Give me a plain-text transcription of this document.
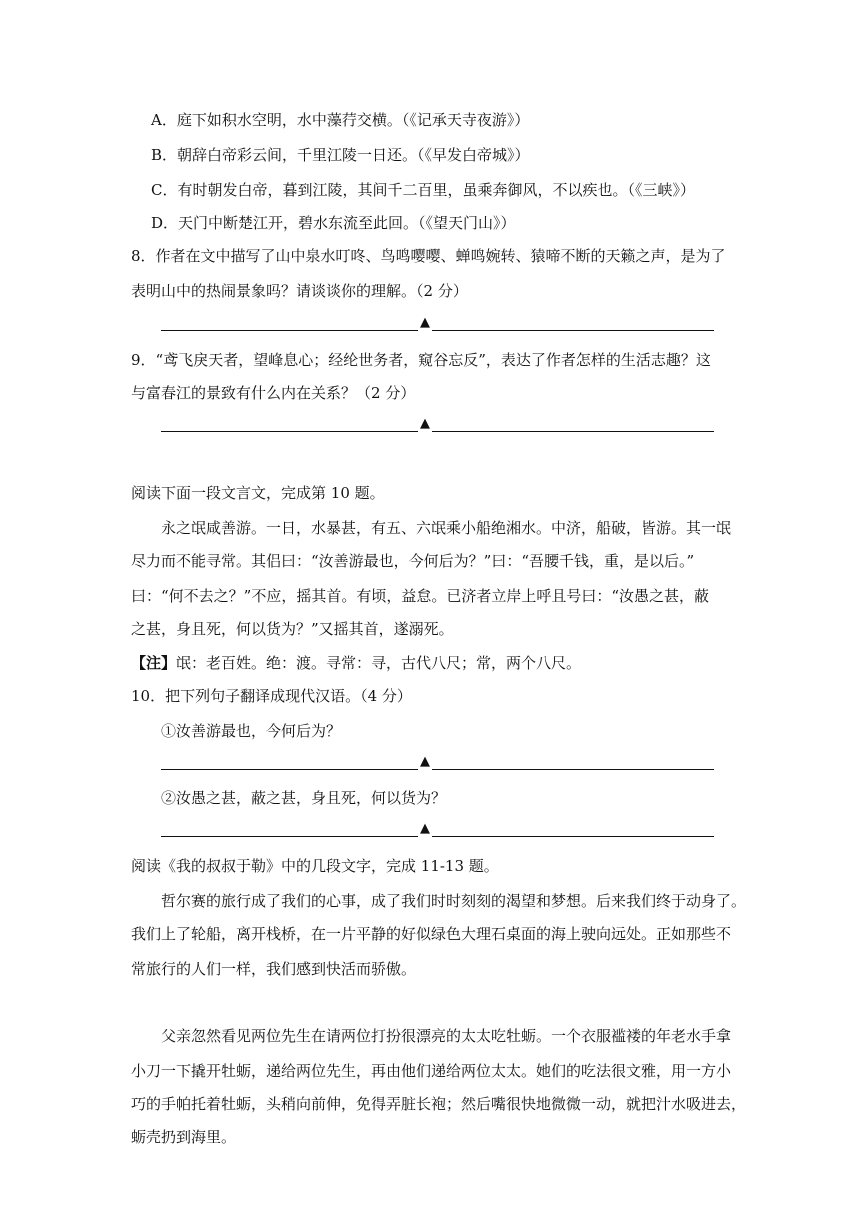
A．庭下如积水空明，水中藻荇交横。（《记承天寺夜游》）
B．朝辞白帝彩云间，千里江陵一日还。（《早发白帝城》）
C．有时朝发白帝，暮到江陵，其间千二百里，虽乘奔御风，不以疾也。（《三峡》）
D．天门中断楚江开，碧水东流至此回。（《望天门山》）
8．作者在文中描写了山中泉水叮咚、鸟鸣嘤嘤、蝉鸣婉转、猿啼不断的天籁之声，是为了
表明山中的热闹景象吗？请谈谈你的理解。（2 分）
▲
9．“鸢飞戾天者，望峰息心；经纶世务者，窥谷忘反”，表达了作者怎样的生活志趣？这
与富春江的景致有什么内在关系？（2 分）
▲
阅读下面一段文言文，完成第 10 题。
永之氓咸善游。一日，水暴甚，有五、六氓乘小船绝湘水。中济，船破，皆游。其一氓
尽力而不能寻常。其侣曰：“汝善游最也，今何后为？”曰：“吾腰千钱，重，是以后。”
曰：“何不去之？”不应，摇其首。有顷，益怠。已济者立岸上呼且号曰：“汝愚之甚，蔽
之甚，身且死，何以货为？”又摇其首，遂溺死。
【注】氓：老百姓。绝：渡。寻常：寻，古代八尺；常，两个八尺。
10．把下列句子翻译成现代汉语。（4 分）
①汝善游最也，今何后为？
▲
②汝愚之甚，蔽之甚，身且死，何以货为？
▲
阅读《我的叔叔于勒》中的几段文字，完成 11-13 题。
哲尔赛的旅行成了我们的心事，成了我们时时刻刻的渴望和梦想。后来我们终于动身了。
我们上了轮船，离开栈桥，在一片平静的好似绿色大理石桌面的海上驶向远处。正如那些不
常旅行的人们一样，我们感到快活而骄傲。
父亲忽然看见两位先生在请两位打扮很漂亮的太太吃牡蛎。一个衣服褴褛的年老水手拿
小刀一下撬开牡蛎，递给两位先生，再由他们递给两位太太。她们的吃法很文雅，用一方小
巧的手帕托着牡蛎，头稍向前伸，免得弄脏长袍；然后嘴很快地微微一动，就把汁水吸进去，
蛎壳扔到海里。
